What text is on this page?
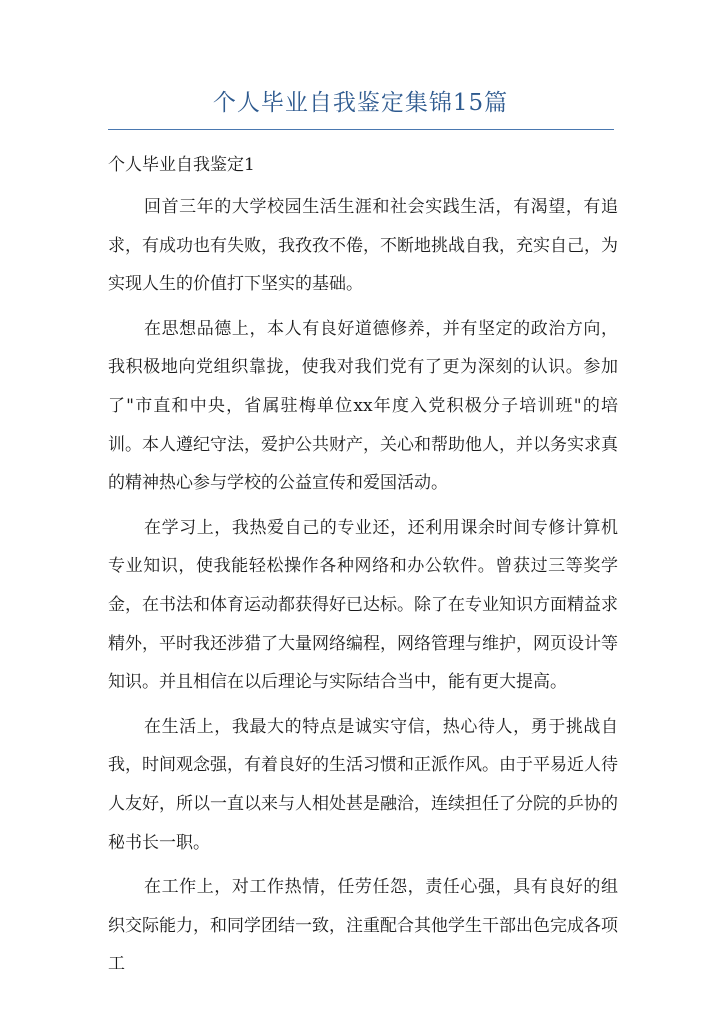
个人毕业自我鉴定集锦15篇
个人毕业自我鉴定1

回首三年的大学校园生活生涯和社会实践生活，有渴望，有追求，有成功也有失败，我孜孜不倦，不断地挑战自我，充实自己，为实现人生的价值打下坚实的基础。

在思想品德上，本人有良好道德修养，并有坚定的政治方向，我积极地向党组织靠拢，使我对我们党有了更为深刻的认识。参加了"市直和中央，省属驻梅单位xx年度入党积极分子培训班"的培训。本人遵纪守法，爱护公共财产，关心和帮助他人，并以务实求真的精神热心参与学校的公益宣传和爱国活动。

在学习上，我热爱自己的专业还，还利用课余时间专修计算机专业知识，使我能轻松操作各种网络和办公软件。曾获过三等奖学金，在书法和体育运动都获得好已达标。除了在专业知识方面精益求精外，平时我还涉猎了大量网络编程，网络管理与维护，网页设计等知识。并且相信在以后理论与实际结合当中，能有更大提高。

在生活上，我最大的特点是诚实守信，热心待人，勇于挑战自我，时间观念强，有着良好的生活习惯和正派作风。由于平易近人待人友好，所以一直以来与人相处甚是融洽，连续担任了分院的乒协的秘书长一职。

在工作上，对工作热情，任劳任怨，责任心强，具有良好的组织交际能力，和同学团结一致，注重配合其他学生干部出色完成各项工
